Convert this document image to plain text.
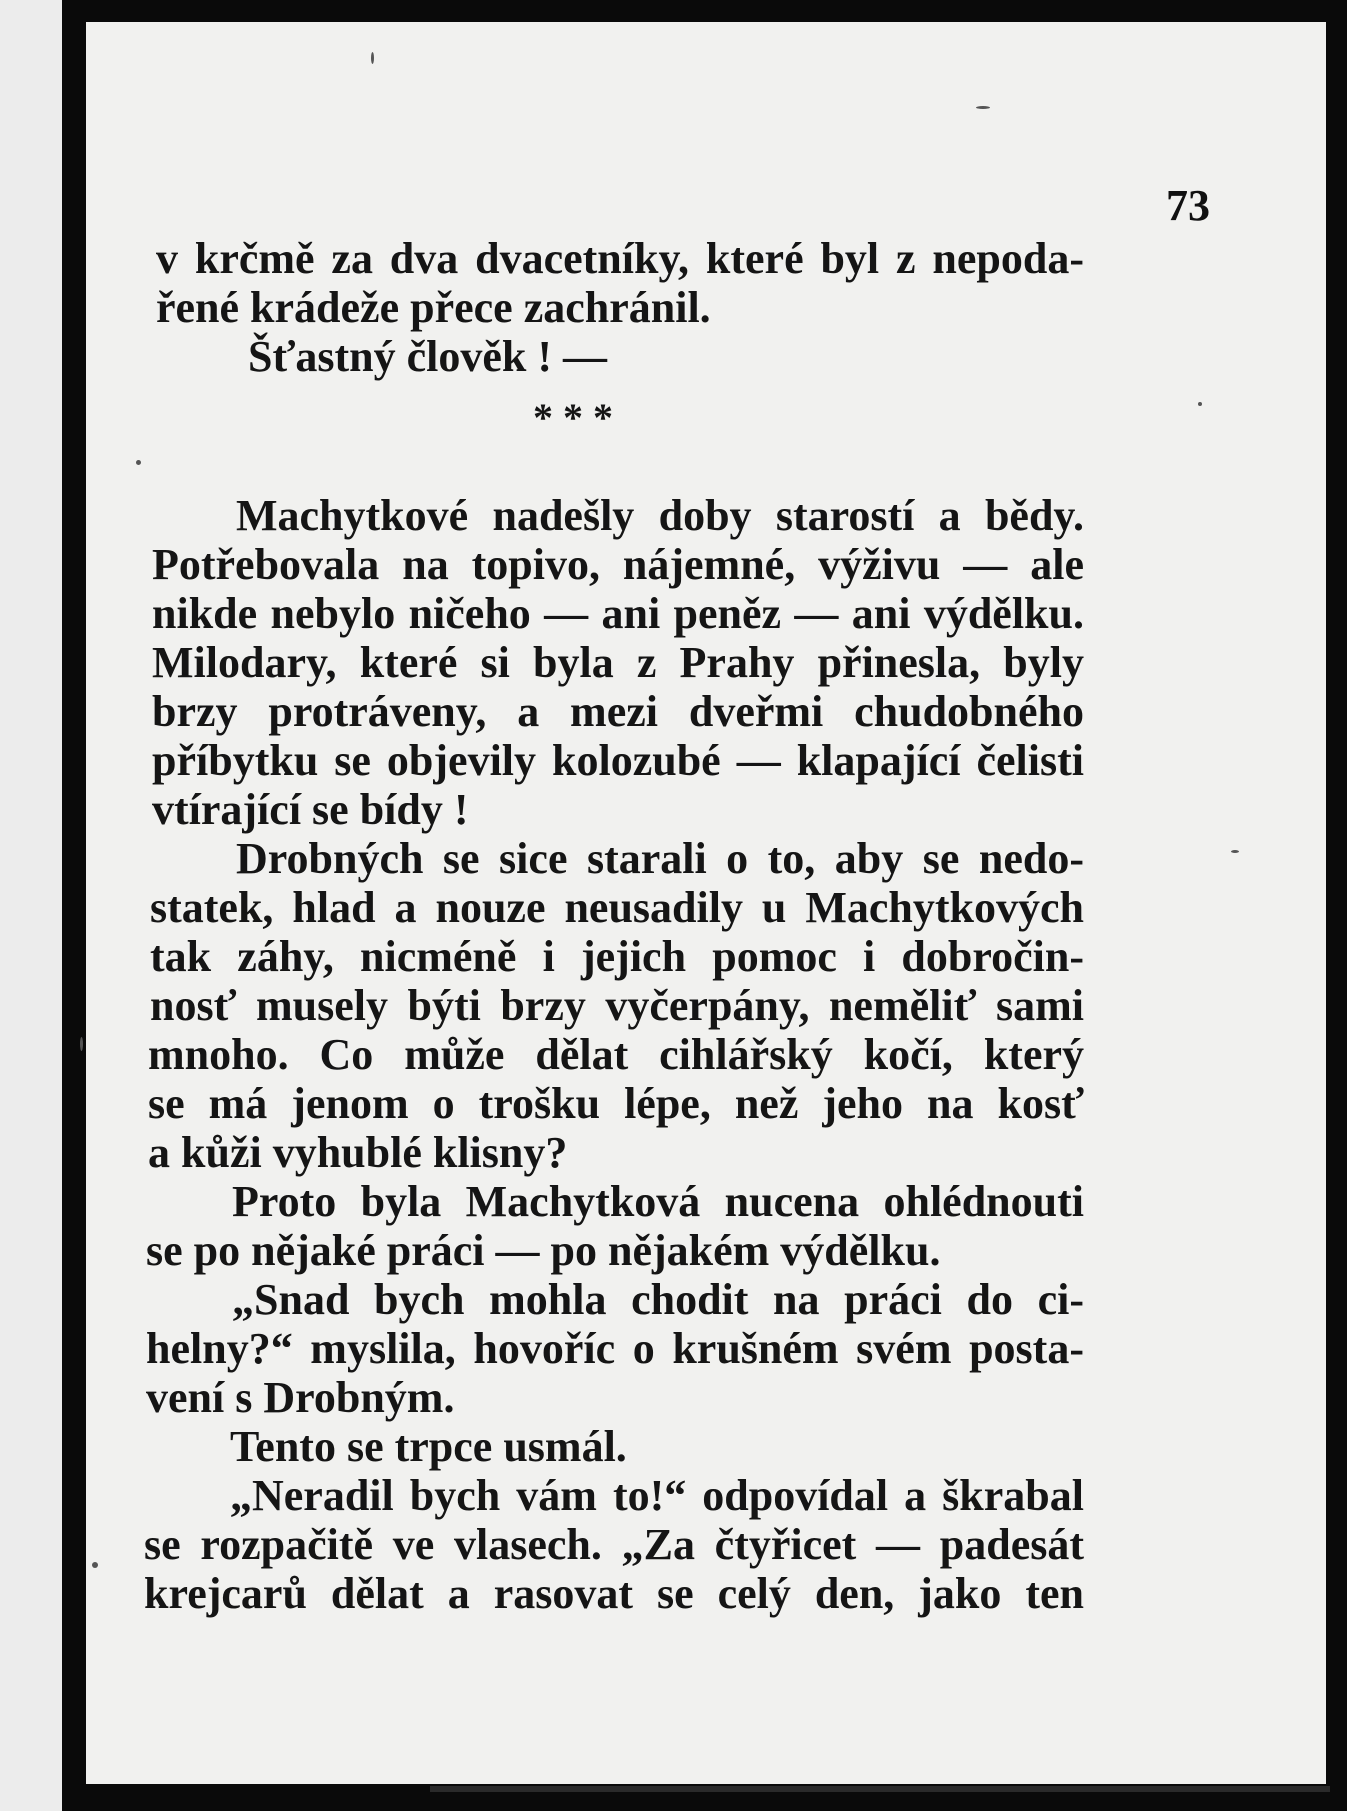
73
v krčmě za dva dvacetníky, které byl z nepoda-
řené krádeže přece zachránil.
Šťastný člověk ! —
* * *
Machytkové nadešly doby starostí a bědy.
Potřebovala na topivo, nájemné, výživu — ale
nikde nebylo ničeho — ani peněz — ani výdělku.
Milodary, které si byla z Prahy přinesla, byly
brzy protráveny, a mezi dveřmi chudobného
příbytku se objevily kolozubé — klapající čelisti
vtírající se bídy !
Drobných se sice starali o to, aby se nedo-
statek, hlad a nouze neusadily u Machytkových
tak záhy, nicméně i jejich pomoc i dobročin-
nosť musely býti brzy vyčerpány, neměliť sami
mnoho. Co může dělat cihlářský kočí, který
se má jenom o trošku lépe, než jeho na kosť
a kůži vyhublé klisny?
Proto byla Machytková nucena ohlédnouti
se po nějaké práci — po nějakém výdělku.
„Snad bych mohla chodit na práci do ci-
helny?“ myslila, hovoříc o krušném svém posta-
vení s Drobným.
Tento se trpce usmál.
„Neradil bych vám to!“ odpovídal a škrabal
se rozpačitě ve vlasech. „Za čtyřicet — padesát
krejcarů dělat a rasovat se celý den, jako ten
